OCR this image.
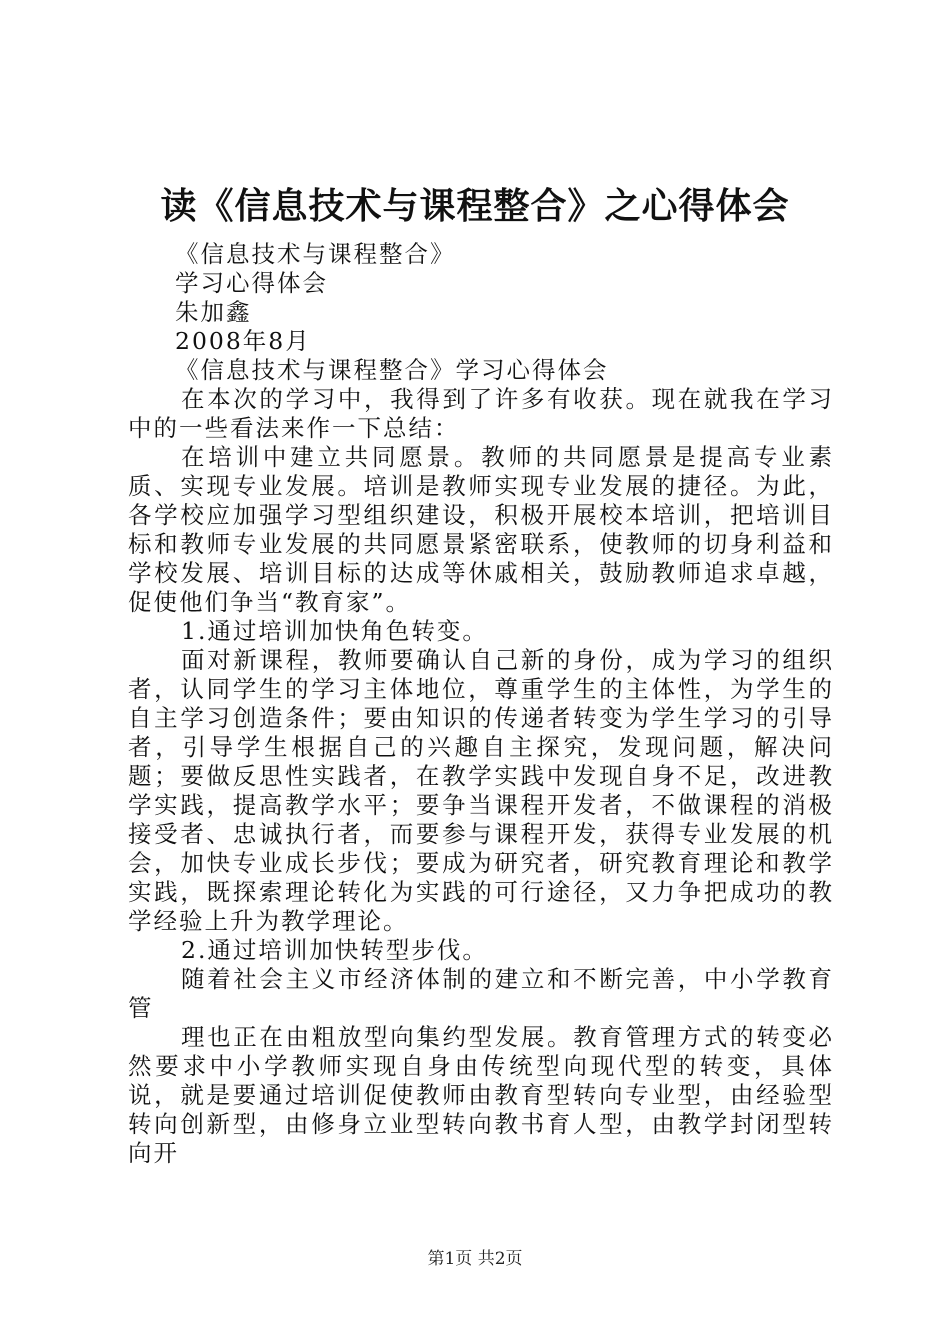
读《信息技术与课程整合》之心得体会
《信息技术与课程整合》
学习心得体会
朱加鑫
2008年8月
《信息技术与课程整合》学习心得体会

在本次的学习中，我得到了许多有收获。现在就我在学习中的一些看法来作一下总结：

在培训中建立共同愿景。教师的共同愿景是提高专业素质、实现专业发展。培训是教师实现专业发展的捷径。为此，各学校应加强学习型组织建设，积极开展校本培训，把培训目标和教师专业发展的共同愿景紧密联系，使教师的切身利益和学校发展、培训目标的达成等休戚相关，鼓励教师追求卓越，促使他们争当“教育家”。

1.通过培训加快角色转变。

面对新课程，教师要确认自己新的身份，成为学习的组织者，认同学生的学习主体地位，尊重学生的主体性，为学生的自主学习创造条件；要由知识的传递者转变为学生学习的引导者，引导学生根据自己的兴趣自主探究，发现问题，解决问题；要做反思性实践者，在教学实践中发现自身不足，改进教学实践，提高教学水平；要争当课程开发者，不做课程的消极接受者、忠诚执行者，而要参与课程开发，获得专业发展的机会，加快专业成长步伐；要成为研究者，研究教育理论和教学实践，既探索理论转化为实践的可行途径，又力争把成功的教学经验上升为教学理论。

2.通过培训加快转型步伐。

随着社会主义市经济体制的建立和不断完善，中小学教育管

理也正在由粗放型向集约型发展。教育管理方式的转变必然要求中小学教师实现自身由传统型向现代型的转变，具体说，就是要通过培训促使教师由教育型转向专业型，由经验型转向创新型，由修身立业型转向教书育人型，由教学封闭型转向开

第1页 共2页
